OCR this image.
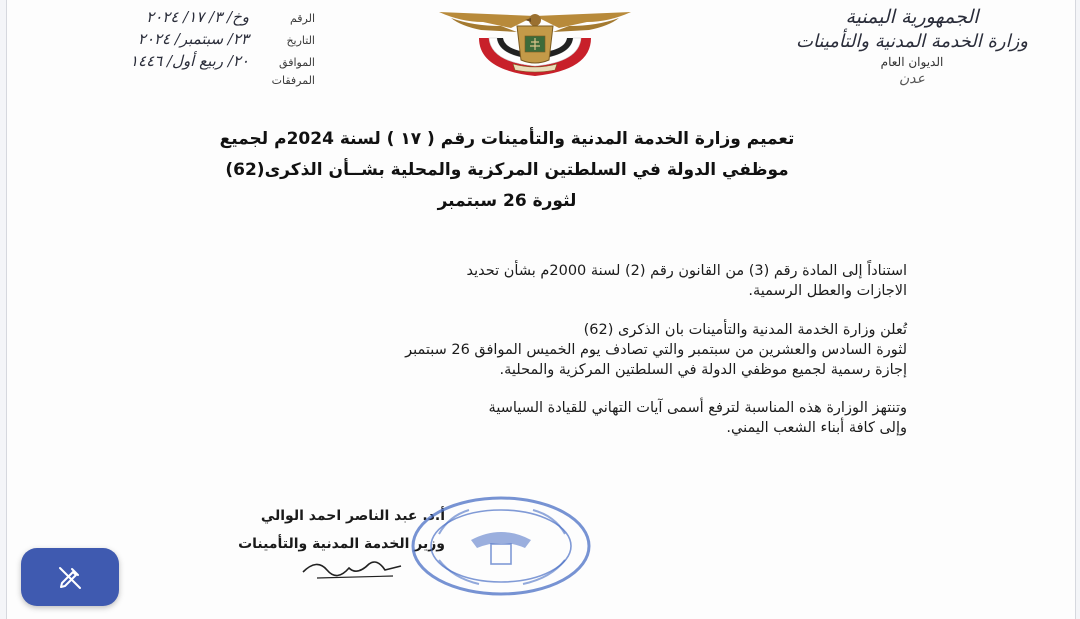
الرقم
وخ/ ٣/ ١٧/ ٢٠٢٤
التاريخ
٢٣/ سبتمبر/ ٢٠٢٤
الموافق
٢٠/ ربيع أول/ ١٤٤٦
المرفقات
الجمهورية اليمنية
وزارة الخدمة المدنية والتأمينات
الديوان العام
عدن
تعميم وزارة الخدمة المدنية والتأمينات رقم ( ١٧ ) لسنة 2024م لجميع
موظفي الدولة في السلطتين المركزية والمحلية بشــأن الذكرى(62)
لثورة 26 سبتمبر
استناداً إلى المادة رقم (3) من القانون رقم (2) لسنة 2000م بشأن تحديد
الاجازات والعطل الرسمية.
تُعلن وزارة الخدمة المدنية والتأمينات بان الذكرى (62)
لثورة السادس والعشرين من سبتمبر والتي تصادف يوم الخميس الموافق 26 سبتمبر
إجازة رسمية لجميع موظفي الدولة في السلطتين المركزية والمحلية.
وتنتهز الوزارة هذه المناسبة لترفع أسمى آيات التهاني للقيادة السياسية
وإلى كافة أبناء الشعب اليمني.
أ.د. عبد الناصر احمد الوالي
وزير الخدمة المدنية والتأمينات
